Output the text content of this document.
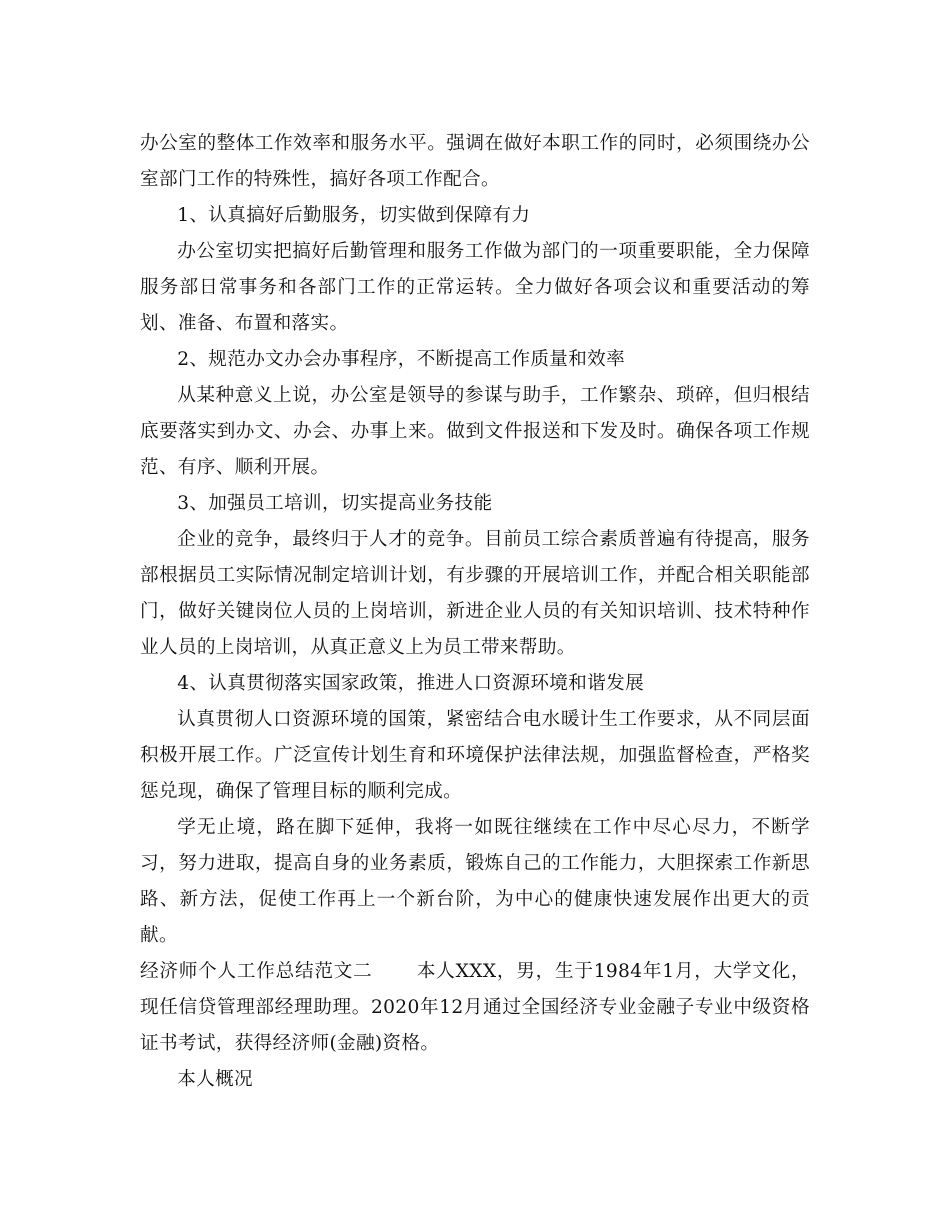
办公室的整体工作效率和服务水平。强调在做好本职工作的同时，必须围绕办公室部门工作的特殊性，搞好各项工作配合。

1、认真搞好后勤服务，切实做到保障有力

办公室切实把搞好后勤管理和服务工作做为部门的一项重要职能，全力保障服务部日常事务和各部门工作的正常运转。全力做好各项会议和重要活动的筹划、准备、布置和落实。

2、规范办文办会办事程序，不断提高工作质量和效率

从某种意义上说，办公室是领导的参谋与助手，工作繁杂、琐碎，但归根结底要落实到办文、办会、办事上来。做到文件报送和下发及时。确保各项工作规范、有序、顺利开展。

3、加强员工培训，切实提高业务技能

企业的竞争，最终归于人才的竞争。目前员工综合素质普遍有待提高，服务部根据员工实际情况制定培训计划，有步骤的开展培训工作，并配合相关职能部门，做好关键岗位人员的上岗培训，新进企业人员的有关知识培训、技术特种作业人员的上岗培训，从真正意义上为员工带来帮助。

4、认真贯彻落实国家政策，推进人口资源环境和谐发展

认真贯彻人口资源环境的国策，紧密结合电水暖计生工作要求，从不同层面积极开展工作。广泛宣传计划生育和环境保护法律法规，加强监督检查，严格奖惩兑现，确保了管理目标的顺利完成。

学无止境，路在脚下延伸，我将一如既往继续在工作中尽心尽力，不断学习，努力进取，提高自身的业务素质，锻炼自己的工作能力，大胆探索工作新思路、新方法，促使工作再上一个新台阶，为中心的健康快速发展作出更大的贡献。

经济师个人工作总结范文二 本人XXX，男，生于1984年1月，大学文化，现任信贷管理部经理助理。2020年12月通过全国经济专业金融子专业中级资格证书考试，获得经济师(金融)资格。

本人概况
